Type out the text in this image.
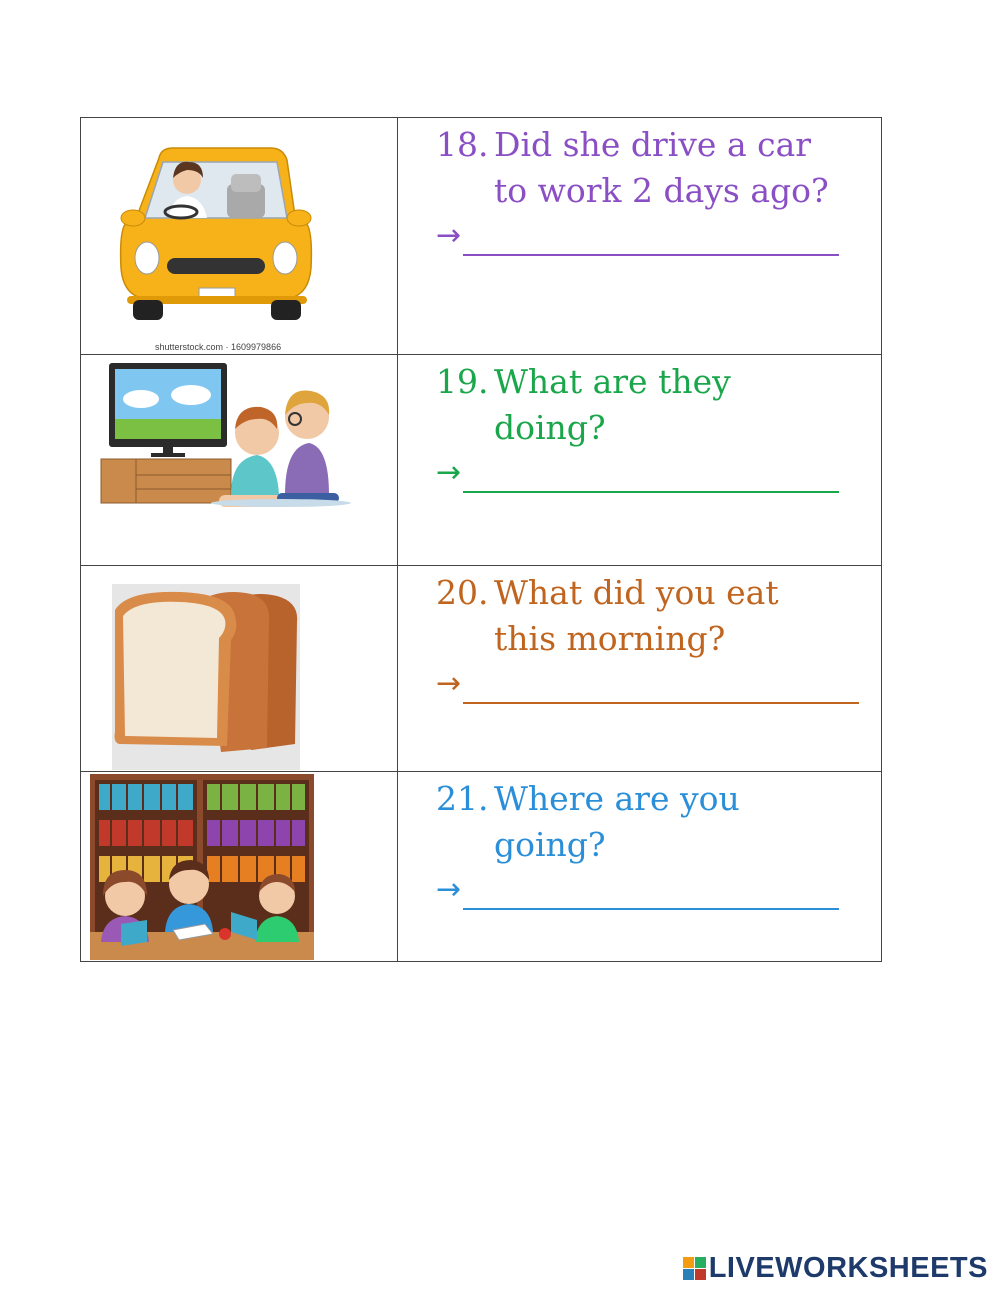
shutterstock.com · 1609979866	18. Did she drive a car
to work 2 days ago?
→

19. What are they
doing?
→

20. What did you eat
this morning?
→

21. Where are you
going?
→
LIVEWORKSHEETS
